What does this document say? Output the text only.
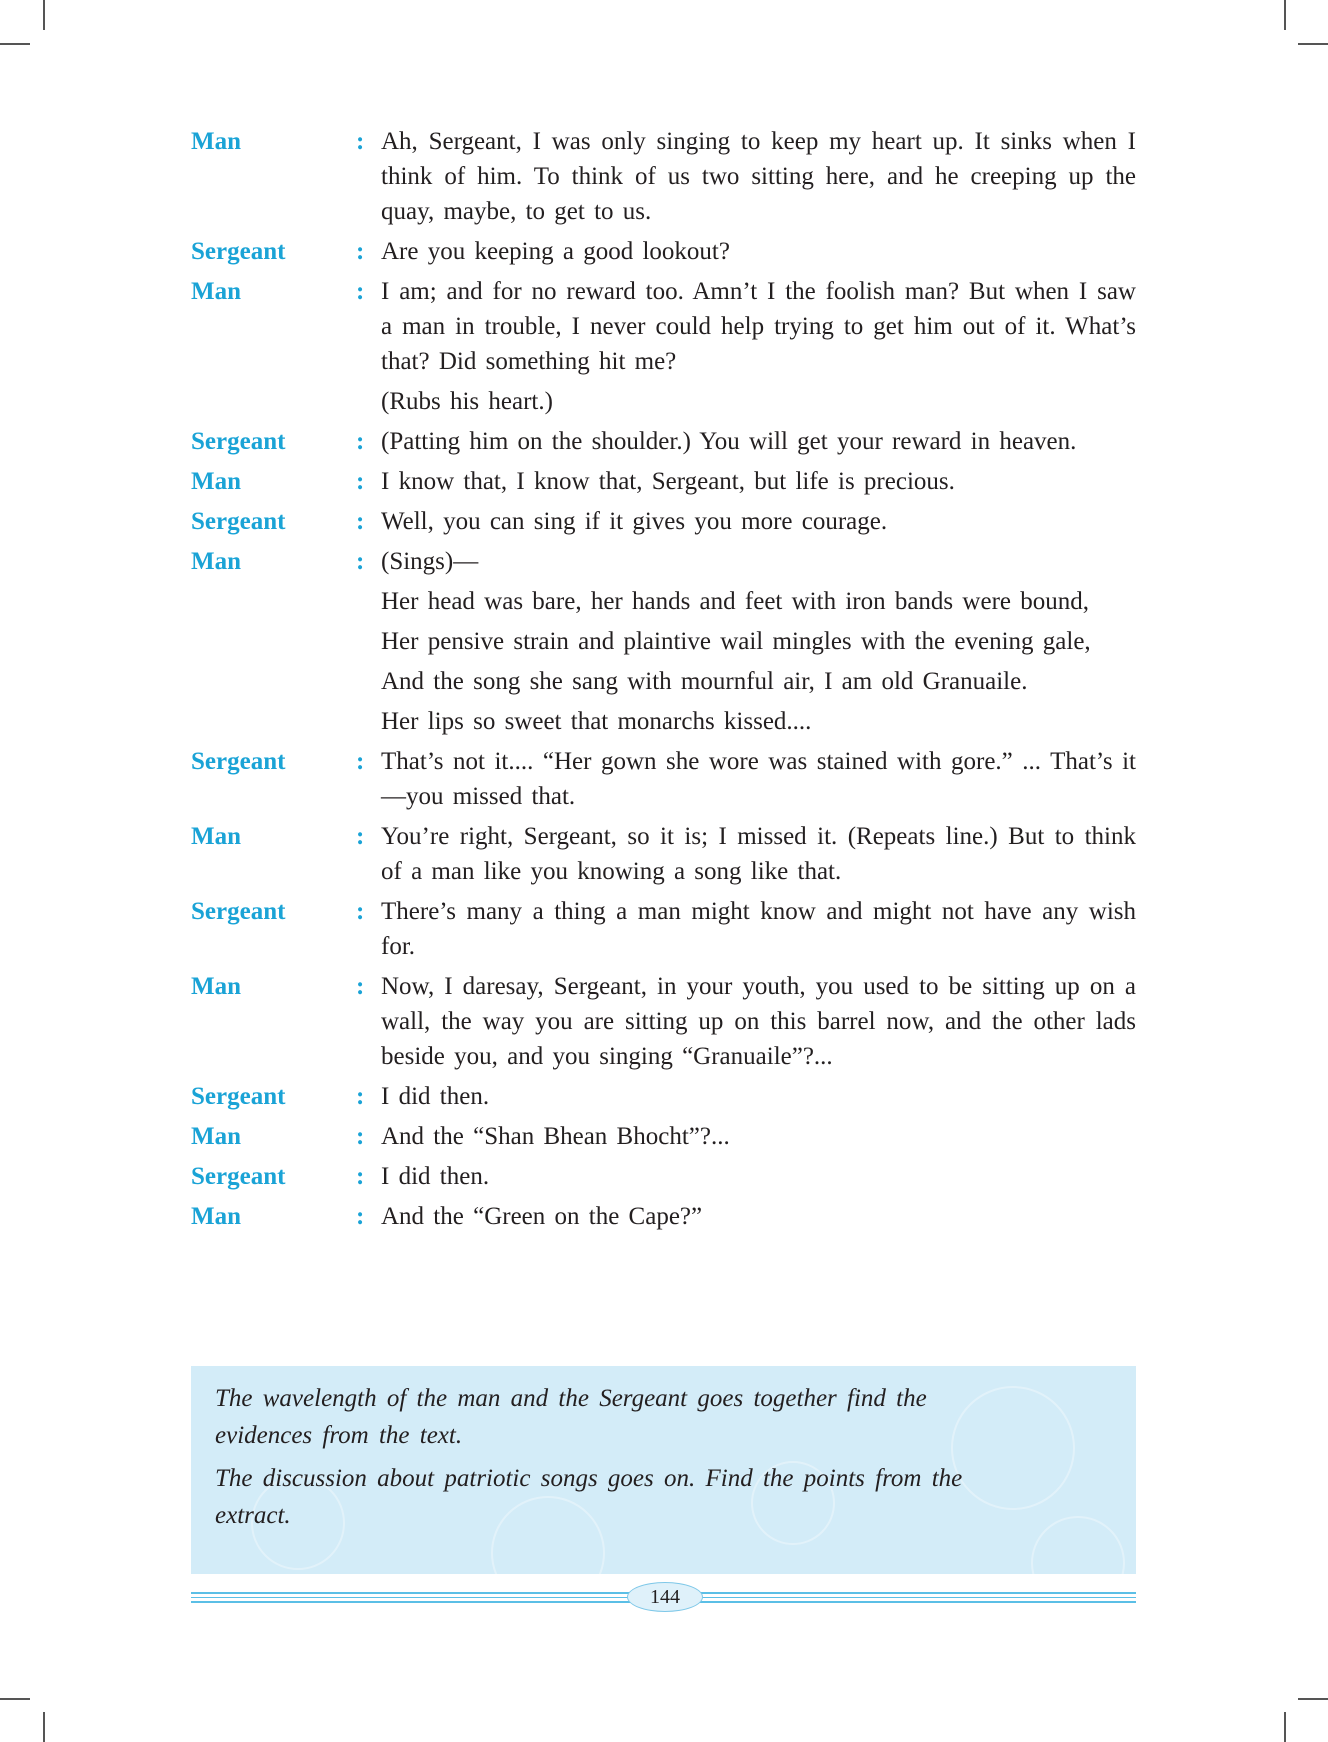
Man	: Ah, Sergeant, I was only singing to keep my heart up. It sinks when I think of him. To think of us two sitting here, and he creeping up the quay, maybe, to get to us.

Sergeant	: Are you keeping a good lookout?

Man	: I am; and for no reward too. Amn’t I the foolish man? But when I saw a man in trouble, I never could help trying to get him out of it. What’s that? Did something hit me?

(Rubs his heart.)

Sergeant	: (Patting him on the shoulder.) You will get your reward in heaven.

Man	: I know that, I know that, Sergeant, but life is precious.

Sergeant	: Well, you can sing if it gives you more courage.

Man	: (Sings)—

Her head was bare, her hands and feet with iron bands were bound,

Her pensive strain and plaintive wail mingles with the evening gale,

And the song she sang with mournful air, I am old Granuaile.

Her lips so sweet that monarchs kissed....

Sergeant	: That’s not it.... “Her gown she wore was stained with gore.” ... That’s it—you missed that.

Man	: You’re right, Sergeant, so it is; I missed it. (Repeats line.) But to think of a man like you knowing a song like that.

Sergeant	: There’s many a thing a man might know and might not have any wish for.

Man	: Now, I daresay, Sergeant, in your youth, you used to be sitting up on a wall, the way you are sitting up on this barrel now, and the other lads beside you, and you singing “Granuaile”?...

Sergeant	: I did then.

Man	: And the “Shan Bhean Bhocht”?...

Sergeant	: I did then.

Man	: And the “Green on the Cape?”

The wavelength of the man and the Sergeant goes together find the evidences from the text.

The discussion about patriotic songs goes on. Find the points from the extract.

144
